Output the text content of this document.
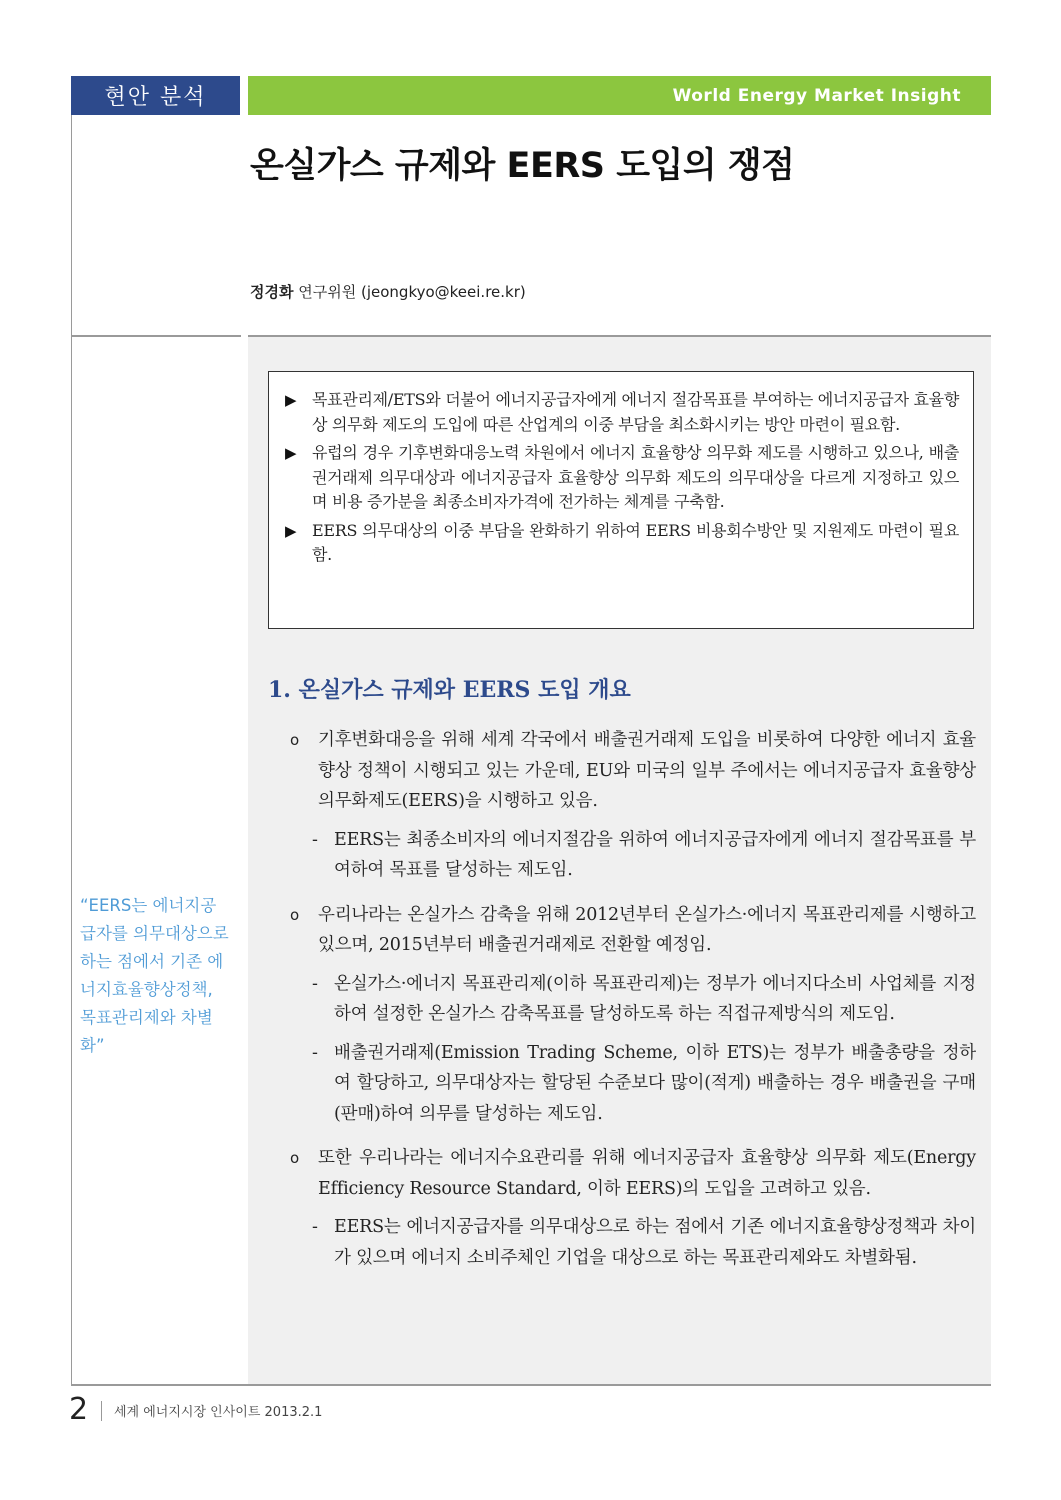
현안 분석	World Energy Market Insight
온실가스 규제와 EERS 도입의 쟁점
정경화 연구위원 (jeongkyo@keei.re.kr)
▶ 목표관리제/ETS와 더불어 에너지공급자에게 에너지 절감목표를 부여하는 에너지공급자 효율향상 의무화 제도의 도입에 따른 산업계의 이중 부담을 최소화시키는 방안 마련이 필요함.
▶ 유럽의 경우 기후변화대응노력 차원에서 에너지 효율향상 의무화 제도를 시행하고 있으나, 배출권거래제 의무대상과 에너지공급자 효율향상 의무화 제도의 의무대상을 다르게 지정하고 있으며 비용 증가분을 최종소비자가격에 전가하는 체계를 구축함.
▶ EERS 의무대상의 이중 부담을 완화하기 위하여 EERS 비용회수방안 및 지원제도 마련이 필요함.
1. 온실가스 규제와 EERS 도입 개요
o	기후변화대응을 위해 세계 각국에서 배출권거래제 도입을 비롯하여 다양한 에너지 효율향상 정책이 시행되고 있는 가운데, EU와 미국의 일부 주에서는 에너지공급자 효율향상 의무화제도(EERS)을 시행하고 있음.
- EERS는 최종소비자의 에너지절감을 위하여 에너지공급자에게 에너지 절감목표를 부여하여 목표를 달성하는 제도임.
o	우리나라는 온실가스 감축을 위해 2012년부터 온실가스·에너지 목표관리제를 시행하고 있으며, 2015년부터 배출권거래제로 전환할 예정임.
- 온실가스·에너지 목표관리제(이하 목표관리제)는 정부가 에너지다소비 사업체를 지정하여 설정한 온실가스 감축목표를 달성하도록 하는 직접규제방식의 제도임.
- 배출권거래제(Emission Trading Scheme, 이하 ETS)는 정부가 배출총량을 정하여 할당하고, 의무대상자는 할당된 수준보다 많이(적게) 배출하는 경우 배출권을 구매(판매)하여 의무를 달성하는 제도임.
o	또한 우리나라는 에너지수요관리를 위해 에너지공급자 효율향상 의무화 제도(Energy Efficiency Resource Standard, 이하 EERS)의 도입을 고려하고 있음.
- EERS는 에너지공급자를 의무대상으로 하는 점에서 기존 에너지효율향상정책과 차이가 있으며 에너지 소비주체인 기업을 대상으로 하는 목표관리제와도 차별화됨.
“EERS는 에너지공급자를 의무대상으로 하는 점에서 기존 에너지효율향상정책, 목표관리제와 차별화”
2 세계 에너지시장 인사이트 2013.2.1
